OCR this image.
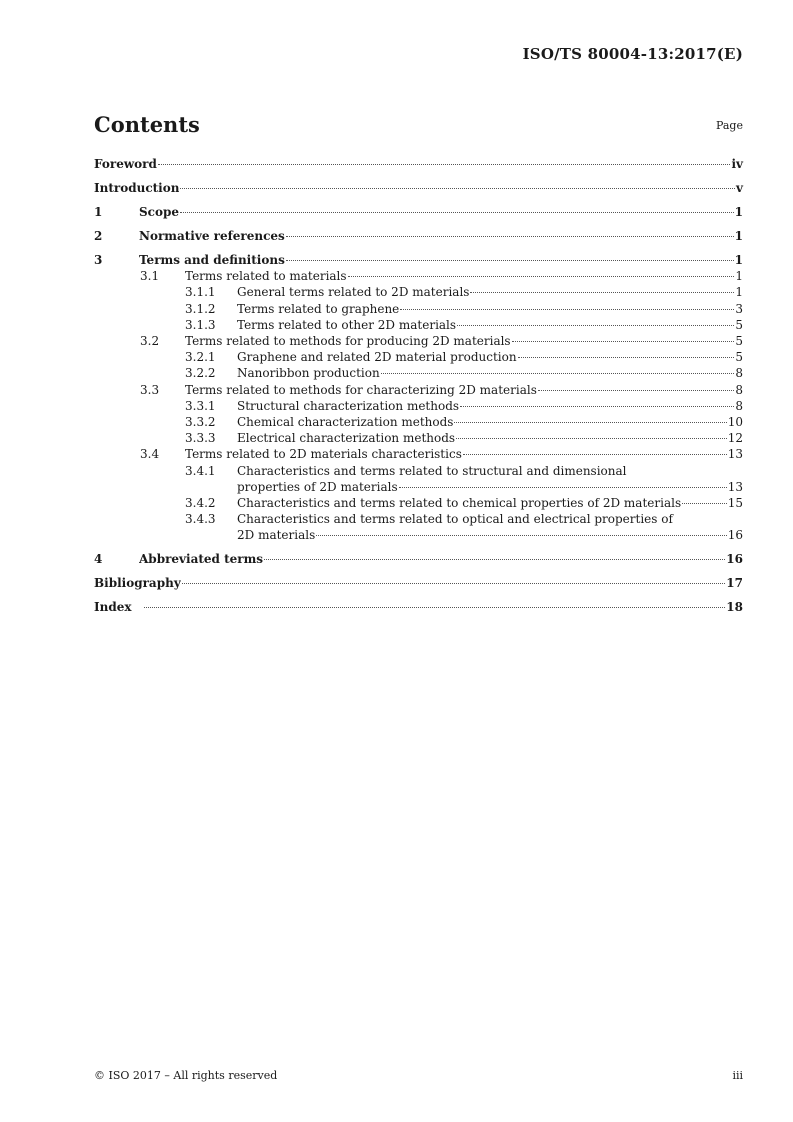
ISO/TS 80004-13:2017(E)
Contents	Page
Foreword	iv
Introduction	v
1	Scope	1
2	Normative references	1
3	Terms and definitions	1
3.1	Terms related to materials	1
3.1.1	General terms related to 2D materials	1
3.1.2	Terms related to graphene	3
3.1.3	Terms related to other 2D materials	5
3.2	Terms related to methods for producing 2D materials	5
3.2.1	Graphene and related 2D material production	5
3.2.2	Nanoribbon production	8
3.3	Terms related to methods for characterizing 2D materials	8
3.3.1	Structural characterization methods	8
3.3.2	Chemical characterization methods	10
3.3.3	Electrical characterization methods	12
3.4	Terms related to 2D materials characteristics	13
3.4.1 Characteristics and terms related to structural and dimensional
properties of 2D materials	13
3.4.2	Characteristics and terms related to chemical properties of 2D materials	15
3.4.3 Characteristics and terms related to optical and electrical properties of
2D materials	16
4	Abbreviated terms	16
Bibliography	17
Index	18
© ISO 2017 – All rights reserved	iii
